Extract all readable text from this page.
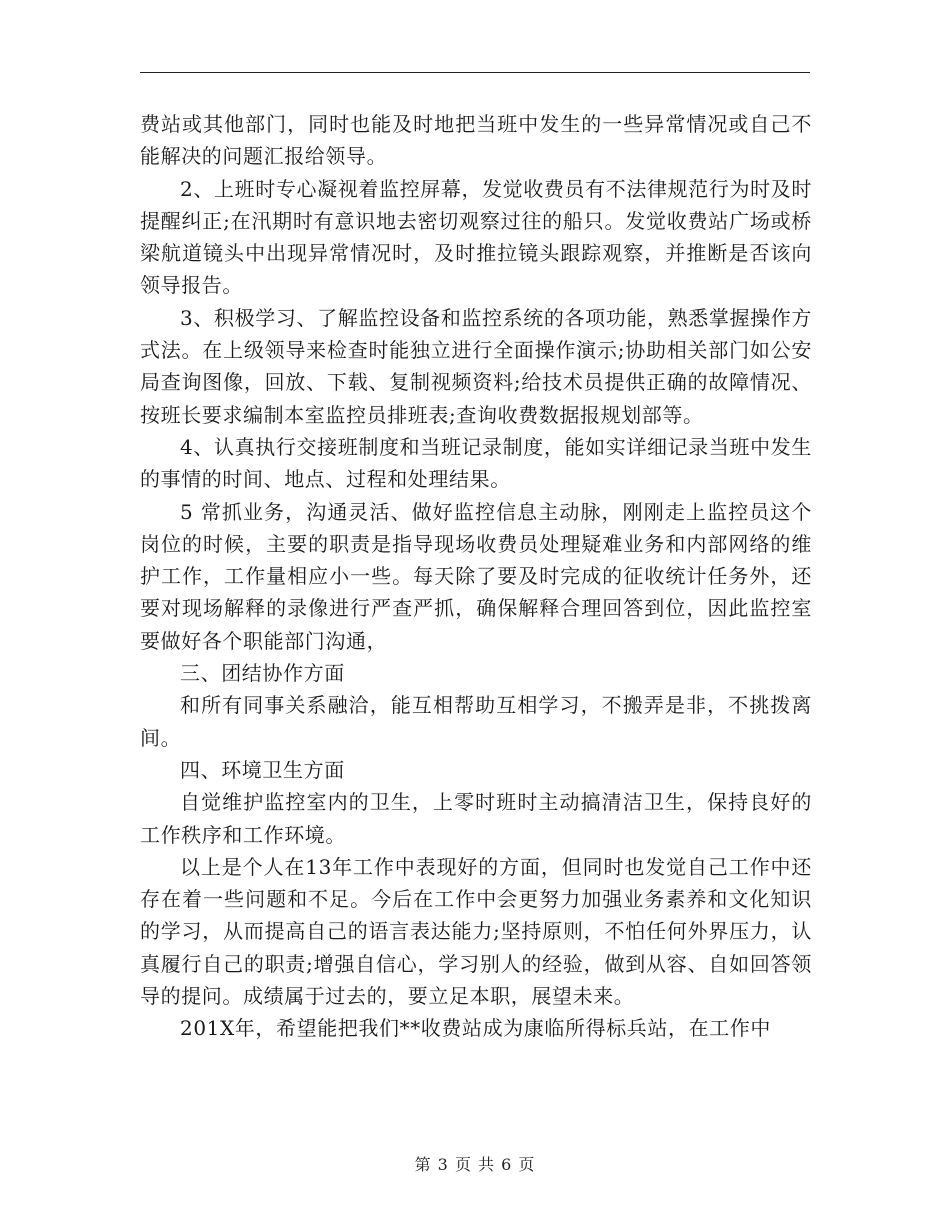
费站或其他部门，同时也能及时地把当班中发生的一些异常情况或自己不能解决的问题汇报给领导。

2、上班时专心凝视着监控屏幕，发觉收费员有不法律规范行为时及时提醒纠正;在汛期时有意识地去密切观察过往的船只。发觉收费站广场或桥梁航道镜头中出现异常情况时，及时推拉镜头跟踪观察，并推断是否该向领导报告。

3、积极学习、了解监控设备和监控系统的各项功能，熟悉掌握操作方式法。在上级领导来检查时能独立进行全面操作演示;协助相关部门如公安局查询图像，回放、下载、复制视频资料;给技术员提供正确的故障情况、按班长要求编制本室监控员排班表;查询收费数据报规划部等。

4、认真执行交接班制度和当班记录制度，能如实详细记录当班中发生的事情的时间、地点、过程和处理结果。

5 常抓业务，沟通灵活、做好监控信息主动脉，刚刚走上监控员这个岗位的时候，主要的职责是指导现场收费员处理疑难业务和内部网络的维护工作，工作量相应小一些。每天除了要及时完成的征收统计任务外，还要对现场解释的录像进行严查严抓，确保解释合理回答到位，因此监控室要做好各个职能部门沟通，

三、团结协作方面

和所有同事关系融洽，能互相帮助互相学习，不搬弄是非，不挑拨离间。

四、环境卫生方面

自觉维护监控室内的卫生，上零时班时主动搞清洁卫生，保持良好的工作秩序和工作环境。

以上是个人在13年工作中表现好的方面，但同时也发觉自己工作中还存在着一些问题和不足。今后在工作中会更努力加强业务素养和文化知识的学习，从而提高自己的语言表达能力;坚持原则，不怕任何外界压力，认真履行自己的职责;增强自信心，学习别人的经验，做到从容、自如回答领导的提问。成绩属于过去的，要立足本职，展望未来。

201X年，希望能把我们**收费站成为康临所得标兵站，在工作中

第 3 页 共 6 页
